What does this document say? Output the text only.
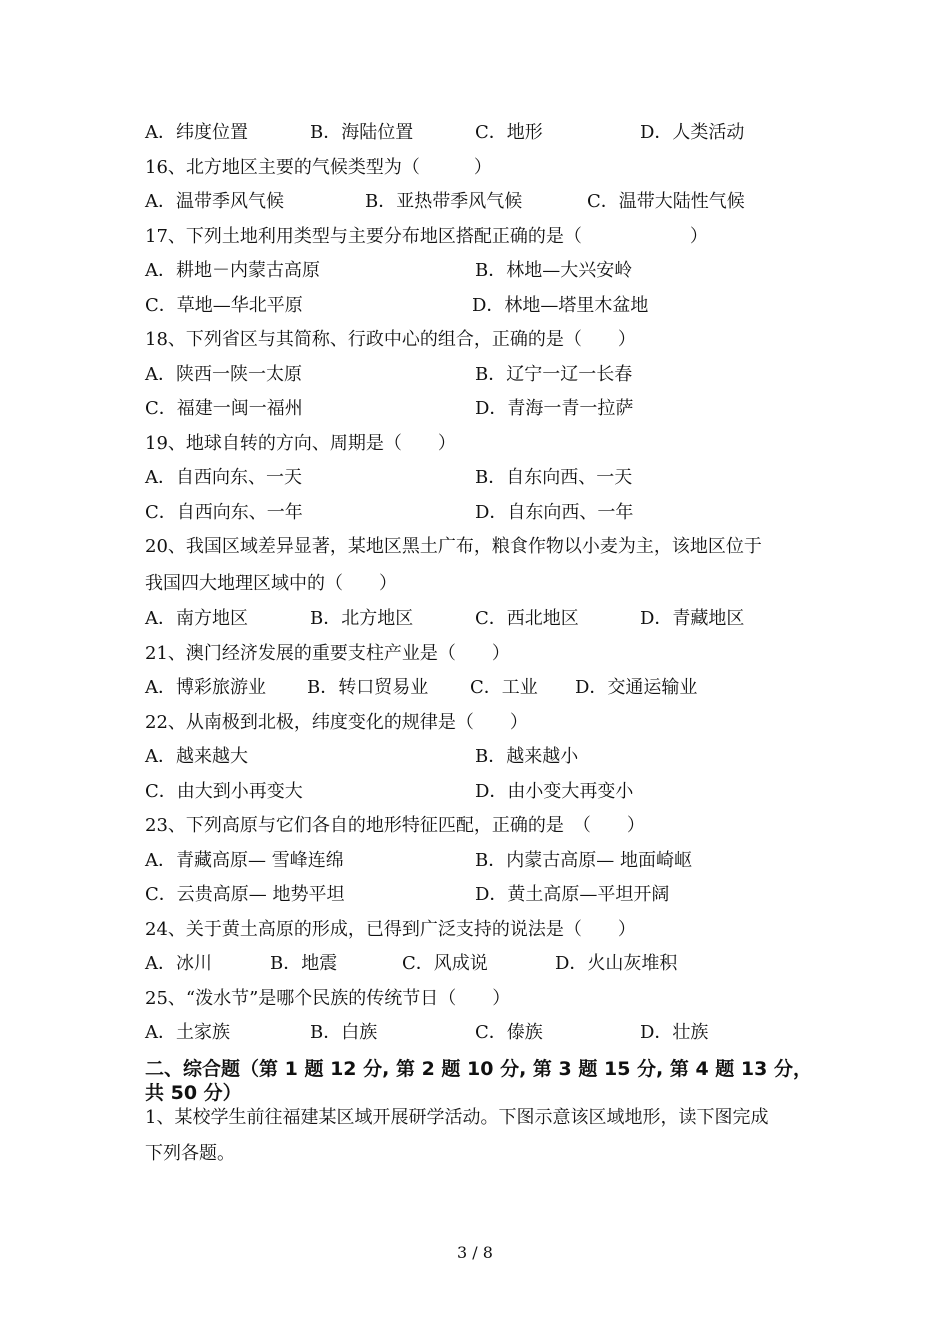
A．纬度位置	B．海陆位置	C．地形	D．人类活动
16、北方地区主要的气候类型为（　　　）
A．温带季风气候	B．亚热带季风气候	C．温带大陆性气候
17、下列土地利用类型与主要分布地区搭配正确的是（　　　　　　）
A．耕地－内蒙古高原	B．林地—大兴安岭
C．草地—华北平原	D．林地—塔里木盆地
18、下列省区与其简称、行政中心的组合，正确的是（　　）
A．陕西一陕一太原	B．辽宁一辽一长春
C．福建一闽一福州	D．青海一青一拉萨
19、地球自转的方向、周期是（　　）
A．自西向东、一天	B．自东向西、一天
C．自西向东、一年	D．自东向西、一年
20、我国区域差异显著，某地区黑土广布，粮食作物以小麦为主，该地区位于
我国四大地理区域中的（　　）
A．南方地区	B．北方地区	C．西北地区	D．青藏地区
21、澳门经济发展的重要支柱产业是（　　）
A．博彩旅游业 B．转口贸易业 C．工业 D．交通运输业
22、从南极到北极，纬度变化的规律是（　　）
A．越来越大	B．越来越小
C．由大到小再变大	D．由小变大再变小
23、下列高原与它们各自的地形特征匹配，正确的是　（　　）
A．青藏高原— 雪峰连绵	B．内蒙古高原— 地面崎岖
C．云贵高原— 地势平坦	D．黄土高原—平坦开阔
24、关于黄土高原的形成，已得到广泛支持的说法是（　　）
A．冰川	B．地震	C．风成说	D．火山灰堆积
25、“泼水节”是哪个民族的传统节日（　　）
A．土家族	B．白族	C．傣族	D．壮族
二、综合题（第 1 题 12 分, 第 2 题 10 分, 第 3 题 15 分, 第 4 题 13 分，
共 50 分）
1、某校学生前往福建某区域开展研学活动。下图示意该区域地形，读下图完成
下列各题。
3 / 8
